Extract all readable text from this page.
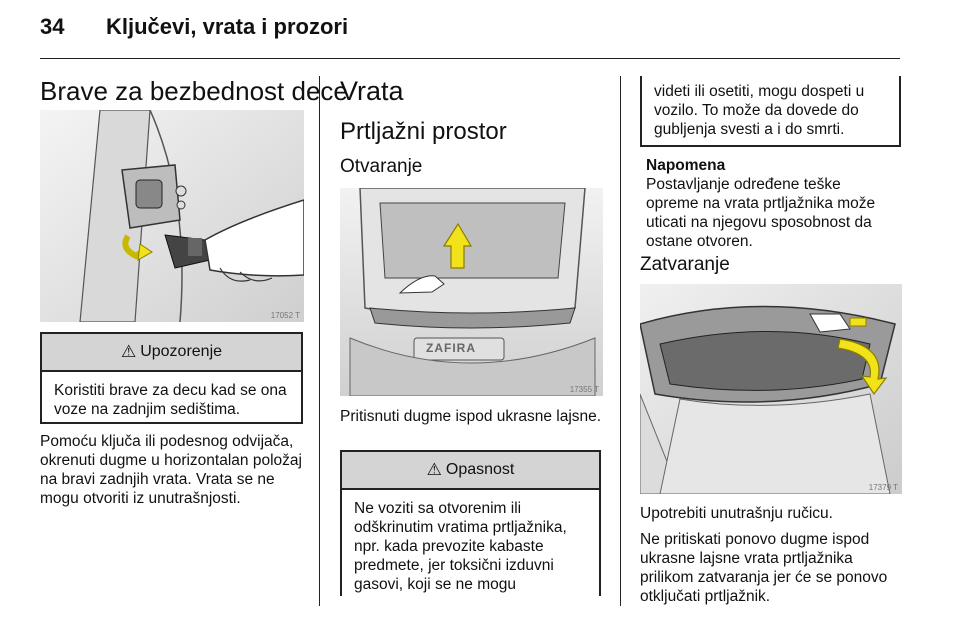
34 Ključevi, vrata i prozori
Brave za bezbednost dece
17052 T
⚠ Upozorenje
Koristiti brave za decu kad se ona voze na zadnjim sedištima.
Pomoću ključa ili podesnog odvijača, okrenuti dugme u horizontalan položaj na bravi zadnjih vrata. Vrata se ne mogu otvoriti iz unutrašnjosti.
Vrata
Prtljažni prostor
Otvaranje
ZAFIRA
17355 T
Pritisnuti dugme ispod ukrasne lajsne.
⚠ Opasnost
Ne voziti sa otvorenim ili odškrinutim vratima prtljažnika, npr. kada prevozite kabaste predmete, jer toksični izduvni gasovi, koji se ne mogu
videti ili osetiti, mogu dospeti u vozilo. To može da dovede do gubljenja svesti a i do smrti.
Napomena
Postavljanje određene teške opreme na vrata prtljažnika može uticati na njegovu sposobnost da ostane otvoren.
Zatvaranje
17379 T
Upotrebiti unutrašnju ručicu.
Ne pritiskati ponovo dugme ispod ukrasne lajsne vrata prtljažnika prilikom zatvaranja jer će se ponovo otključati prtljažnik.
